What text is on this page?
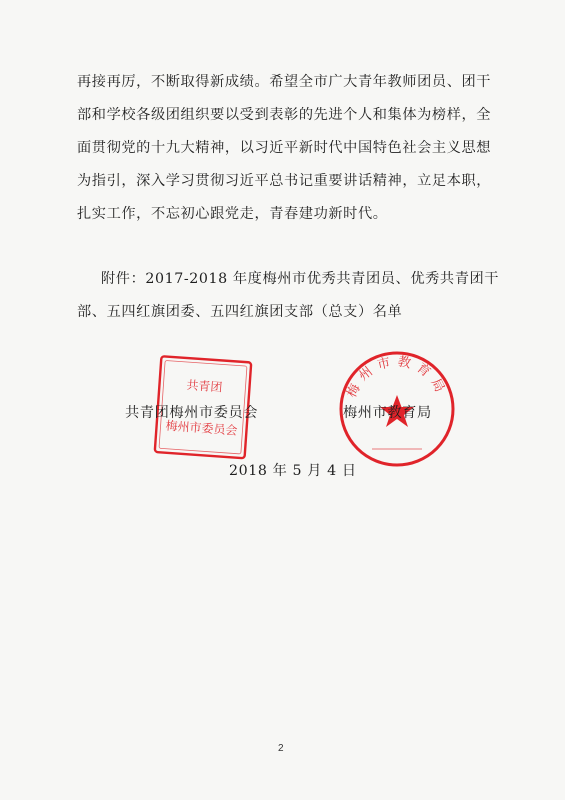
再接再厉，不断取得新成绩。希望全市广大青年教师团员、团干
部和学校各级团组织要以受到表彰的先进个人和集体为榜样，全
面贯彻党的十九大精神，以习近平新时代中国特色社会主义思想
为指引，深入学习贯彻习近平总书记重要讲话精神，立足本职，
扎实工作，不忘初心跟党走，青春建功新时代。
附件：2017-2018 年度梅州市优秀共青团员、优秀共青团干
部、五四红旗团委、五四红旗团支部（总支）名单
共青团
梅州市委员会
梅州市教育局
共青团梅州市委员会	梅州市教育局
2018 年 5 月 4 日
2
